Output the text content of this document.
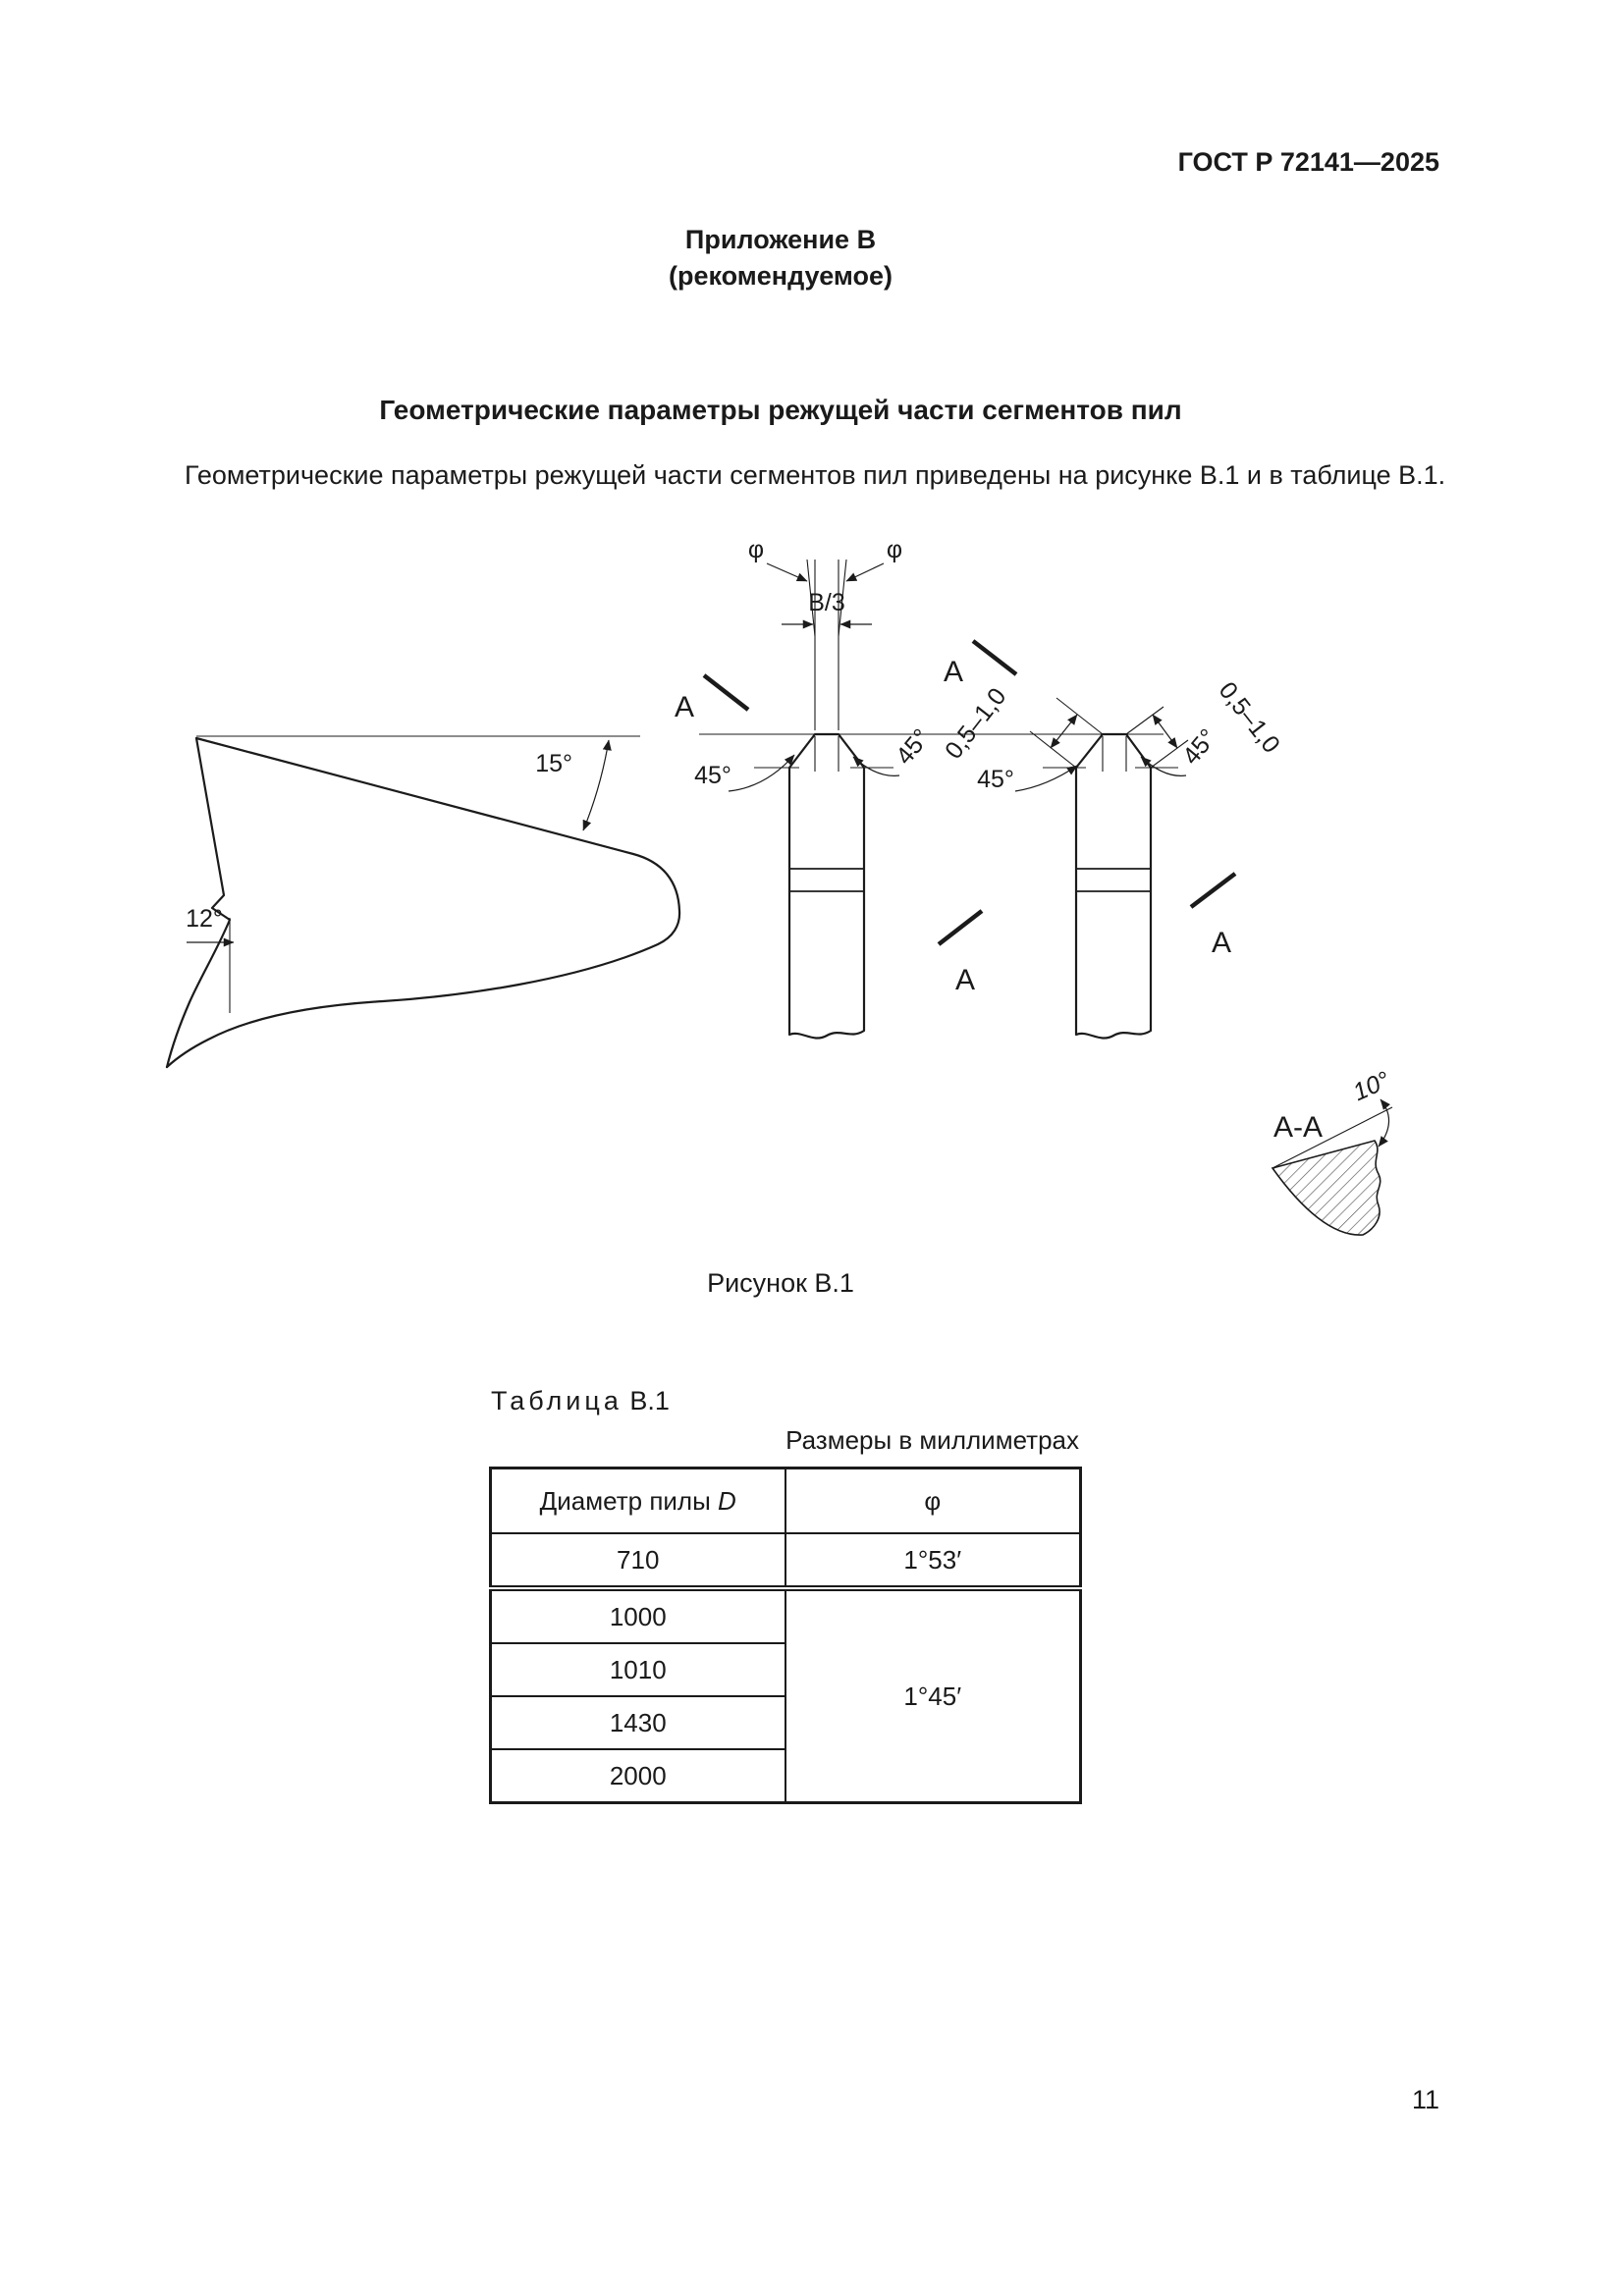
ГОСТ Р 72141—2025
Приложение В
(рекомендуемое)
Геометрические параметры режущей части сегментов пил
Геометрические параметры режущей части сегментов пил приведены на рисунке В.1 и в таблице В.1.
15°
12°
φ	φ
В/3
45°
45° 0,5–1,0	0,5–1,0
45°
45°
А
А
А
А
А-А
10°
Рисунок В.1
Таблица В.1
Размеры в миллиметрах
Диаметр пилы D	φ
710	1°53′
1000	1°45′
1010	
1430	
2000	
11
